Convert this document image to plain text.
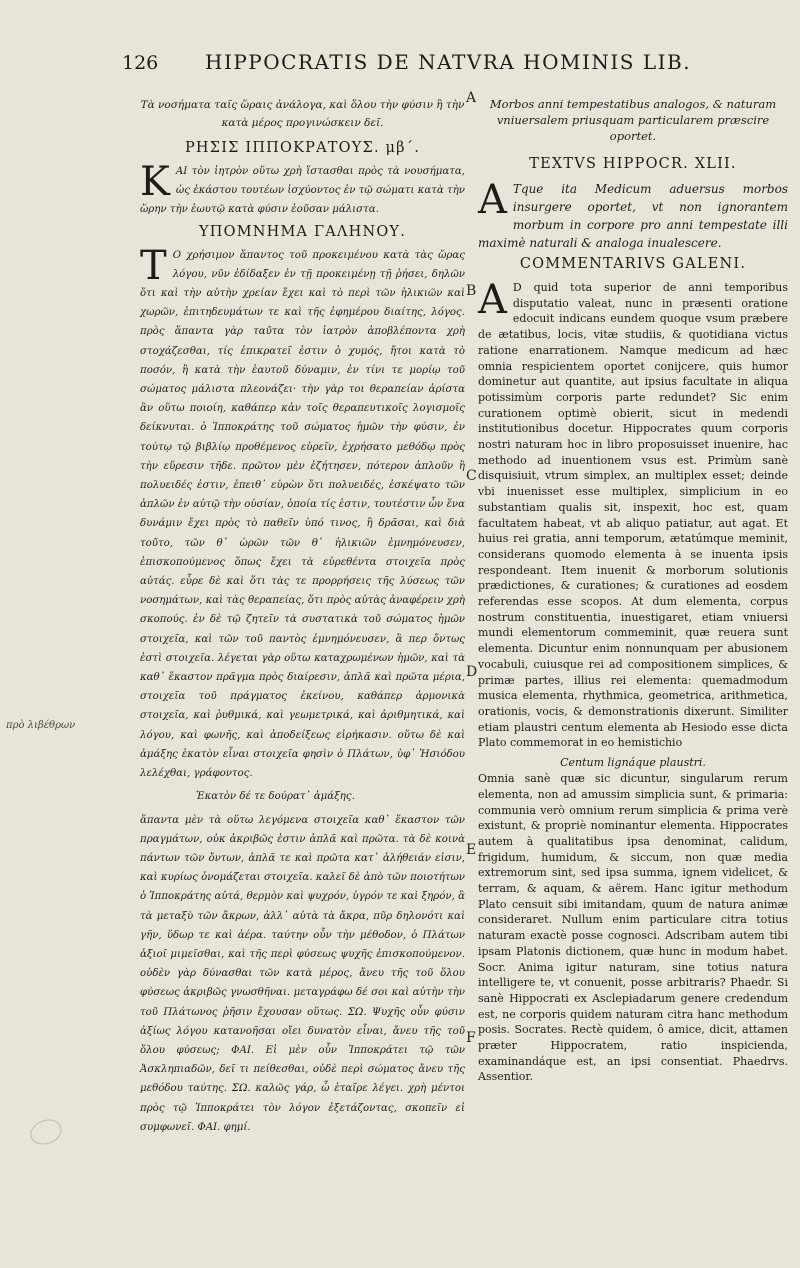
126 HIPPOCRATIS DE NATVRA HOMINIS LIB.
A
B
C
D
E
F
πρὸ λιβέθρων

Τὰ νοσήματα ταῖς ὥραις ἀνάλογα, καὶ ὅλου τὴν φύσιν ἢ τὴν κατὰ μέρος προγινώσκειν δεῖ.

ΡΗΣΙΣ ΙΠΠΟΚΡΑΤΟΥΣ. μβ΄.

ΚΑΙ τὸν ἰητρὸν οὕτω χρὴ ἵστασθαι πρὸς τὰ νουσήματα, ὡς ἑκάστου τουτέων ἰσχύοντος ἐν τῷ σώματι κατὰ τὴν ὥρην τὴν ἑωυτῷ κατὰ φύσιν ἐοῦσαν μάλιστα.

ΥΠΟΜΝΗΜΑ ΓΑΛΗΝΟΥ.

Τ Ο χρήσιμον ἅπαντος τοῦ προκειμένου κατὰ τὰς ὥρας λόγου, νῦν ἐδίδαξεν ἐν τῇ προκειμένῃ τῇ ῥήσει, δηλῶν ὅτι καὶ τὴν αὐτὴν χρείαν ἔχει καὶ τὸ περὶ τῶν ἡλικιῶν καὶ χωρῶν, ἐπιτηδευμάτων τε καὶ τῆς ἐφημέρου διαίτης, λόγος. πρὸς ἅπαντα γὰρ ταῦτα τὸν ἰατρὸν ἀποβλέποντα χρὴ στοχάζεσθαι, τίς ἐπικρατεῖ ἐστιν ὁ χυμός, ἤτοι κατὰ τὸ ποσόν, ἢ κατὰ τὴν ἑαυτοῦ δύναμιν, ἐν τίνι τε μορίῳ τοῦ σώματος μάλιστα πλεονάζει· τὴν γὰρ τοι θεραπείαν ἀρίστα ἂν οὕτω ποιοίη, καθάπερ κἀν τοῖς θεραπευτικοῖς λογισμοῖς δείκνυται. ὁ Ἱπποκράτης τοῦ σώματος ἡμῶν τὴν φύσιν, ἐν τούτῳ τῷ βιβλίῳ προθέμενος εὑρεῖν, ἐχρήσατο μεθόδῳ πρὸς τὴν εὕρεσιν τῆδε. πρῶτον μὲν ἐζήτησεν, πότερον ἁπλοῦν ἢ πολυειδές ἐστιν, ἐπειθ᾽ εὑρὼν ὅτι πολυειδές, ἐσκέψατο τῶν ἁπλῶν ἐν αὐτῷ τὴν οὐσίαν, ὁποία τίς ἐστιν, τουτέστιν ὧν ἕνα δυνάμιν ἔχει πρὸς τὸ παθεῖν ὑπό τινος, ἢ δρᾶσαι, καὶ διὰ τοῦτο, τῶν θ᾽ ὡρῶν τῶν θ᾽ ἡλικιῶν ἐμνημόνευσεν, ἐπισκοπούμενος ὅπως ἔχει τὰ εὑρεθέντα στοιχεῖα πρὸς αὐτάς. εὗρε δὲ καὶ ὅτι τὰς τε προρρήσεις τῆς λύσεως τῶν νοσημάτων, καὶ τὰς θεραπείας, ὅτι πρὸς αὐτὰς ἀναφέρειν χρὴ σκοπούς. ἐν δὲ τῷ ζητεῖν τὰ συστατικὰ τοῦ σώματος ἡμῶν στοιχεῖα, καὶ τῶν τοῦ παντὸς ἐμνημόνευσεν, ἃ περ ὄντως ἐστὶ στοιχεῖα. λέγεται γὰρ οὕτω καταχρωμένων ἡμῶν, καὶ τὰ καθ᾽ ἕκαστον πρᾶγμα πρὸς διαίρεσιν, ἁπλᾶ καὶ πρῶτα μέρια, στοιχεῖα τοῦ πράγματος ἐκείνου, καθάπερ ἁρμονικὰ στοιχεῖα, καὶ ῥυθμικά, καὶ γεωμετρικά, καὶ ἀριθμητικά, καὶ λόγου, καὶ φωνῆς, καὶ ἀποδείξεως εἰρήκασιν. οὕτω δὲ καὶ ἁμάξης ἑκατὸν εἶναι στοιχεῖα φησὶν ὁ Πλάτων, ὑφ᾽ Ἡσιόδου λελέχθαι, γράφοντος.

Ἑκατὸν δέ τε δούρατ᾽ ἀμάξης.

ἅπαντα μὲν τὰ οὕτω λεγόμενα στοιχεῖα καθ᾽ ἕκαστον τῶν πραγμάτων, οὐκ ἀκριβῶς ἐστιν ἁπλᾶ καὶ πρῶτα. τὰ δὲ κοινὰ πάντων τῶν ὄντων, ἁπλᾶ τε καὶ πρῶτα κατ᾽ ἀλήθειάν εἰσιν, καὶ κυρίως ὀνομάζεται στοιχεῖα. καλεῖ δὲ ἀπὸ τῶν ποιοτήτων ὁ Ἱπποκράτης αὐτά, θερμὸν καὶ ψυχρόν, ὑγρόν τε καὶ ξηρόν, ἃ τὰ μεταξὺ τῶν ἄκρων, ἀλλ᾽ αὐτὰ τὰ ἄκρα, πῦρ δηλονότι καὶ γῆν, ὕδωρ τε καὶ ἀέρα. ταύτην οὖν τὴν μέθοδον, ὁ Πλάτων ἀξιοῖ μιμεῖσθαι, καὶ τῆς περὶ φύσεως ψυχῆς ἐπισκοπούμενον. οὐδὲν γὰρ δύνασθαι τῶν κατὰ μέρος, ἄνευ τῆς τοῦ ὅλου φύσεως ἀκριβῶς γνωσθῆναι. μεταγράφω δέ σοι καὶ αὐτὴν τὴν τοῦ Πλάτωνος ῥῆσιν ἔχουσαν οὕτως. ΣΩ. Ψυχῆς οὖν φύσιν ἀξίως λόγου κατανοῆσαι οἴει δυνατὸν εἶναι, ἄνευ τῆς τοῦ ὅλου φύσεως; ΦΑΙ. Εἰ μὲν οὖν Ἱπποκράτει τῷ τῶν Ἀσκληπιαδῶν, δεῖ τι πείθεσθαι, οὐδὲ περὶ σώματος ἄνευ τῆς μεθόδου ταύτης. ΣΩ. καλῶς γάρ, ὦ ἑταῖρε λέγει. χρὴ μέντοι πρὸς τῷ Ἱπποκράτει τὸν λόγον ἐξετάζοντας, σκοπεῖν εἰ συμφωνεῖ. ΦΑΙ. φημί.

Morbos anni tempestatibus analogos, & naturam vniuersalem priusquam particularem præscire oportet.

TEXTVS HIPPOCR. XLII.

A Tque ita Medicum aduersus morbos insurgere oportet, vt non ignorantem morbum in corpore pro anni tempestate illi maximè naturali & analoga inualescere.

COMMENTARIVS GALENI.

A D quid tota superior de anni temporibus disputatio valeat, nunc in præsenti oratione edocuit indicans eundem quoque vsum præbere de ætatibus, locis, vitæ studiis, & quotidiana victus ratione enarrationem. Namque medicum ad hæc omnia respicientem oportet conijcere, quis humor dominetur aut quantite, aut ipsius facultate in aliqua potissimùm corporis parte redundet? Sic enim curationem optimè obierit, sicut in medendi institutionibus docetur. Hippocrates quum corporis nostri naturam hoc in libro proposuisset inuenire, hac methodo ad inuentionem vsus est. Primùm sanè disquisiuit, vtrum simplex, an multiplex esset; deinde vbi inuenisset esse multiplex, simplicium in eo substantiam qualis sit, inspexit, hoc est, quam facultatem habeat, vt ab aliquo patiatur, aut agat. Et huius rei gratia, anni temporum, ætatúmque meminit, considerans quomodo elementa à se inuenta ipsis respondeant. Item inuenit & morborum solutionis prædictiones, & curationes; & curationes ad eosdem referendas esse scopos. At dum elementa, corpus nostrum constituentia, inuestigaret, etiam vniuersi mundi elementorum commeminit, quæ reuera sunt elementa. Dicuntur enim nonnunquam per abusionem vocabuli, cuiusque rei ad compositionem simplices, & primæ partes, illius rei elementa: quemadmodum musica elementa, rhythmica, geometrica, arithmetica, orationis, vocis, & demonstrationis dixerunt. Similiter etiam plaustri centum elementa ab Hesiodo esse dicta Plato commemorat in eo hemistichio

Centum lignáque plaustri.

Omnia sanè quæ sic dicuntur, singularum rerum elementa, non ad amussim simplicia sunt, & primaria: communia verò omnium rerum simplicia & prima verè existunt, & propriè nominantur elementa. Hippocrates autem à qualitatibus ipsa denominat, calidum, frigidum, humidum, & siccum, non quæ media extremorum sint, sed ipsa summa, ignem videlicet, & terram, & aquam, & aërem. Hanc igitur methodum Plato censuit sibi imitandam, quum de natura animæ consideraret. Nullum enim particulare citra totius naturam exactè posse cognosci. Adscribam autem tibi ipsam Platonis dictionem, quæ hunc in modum habet. Socr. Anima igitur naturam, sine totius natura intelligere te, vt conuenit, posse arbitraris? Phaedr. Si sanè Hippocrati ex Asclepiadarum genere credendum est, ne corporis quidem naturam citra hanc methodum posis. Socrates. Rectè quidem, ô amice, dicit, attamen præter Hippocratem, ratio inspicienda, examinandáque est, an ipsi consentiat. Phaedrvs. Assentior.
